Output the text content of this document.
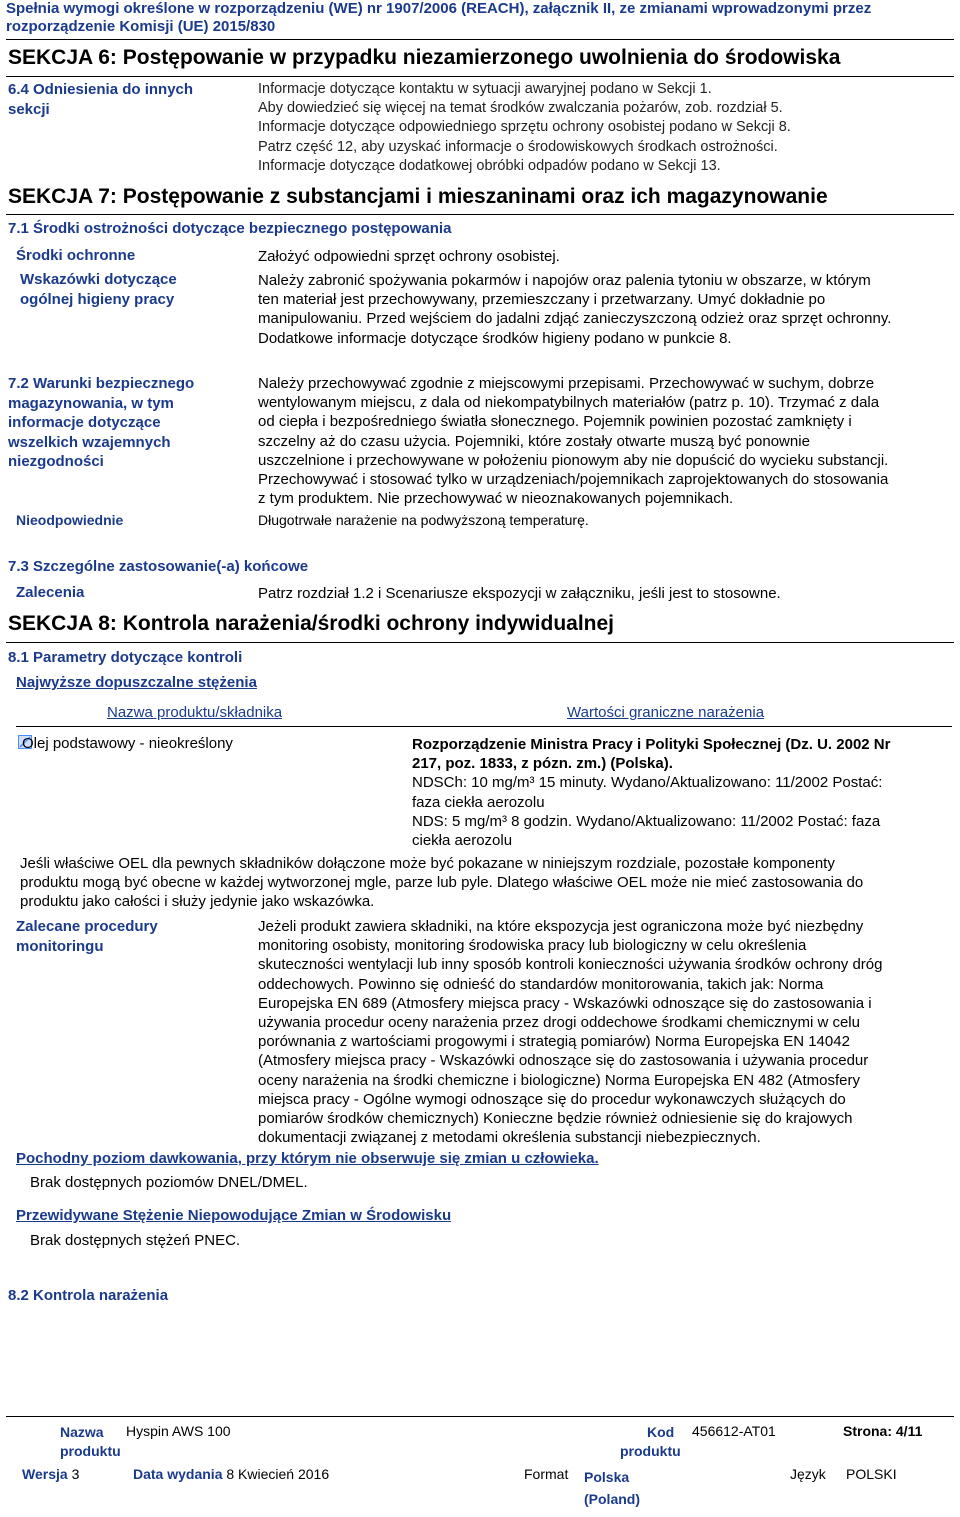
Spełnia wymogi określone w rozporządzeniu (WE) nr 1907/2006 (REACH), załącznik II, ze zmianami wprowadzonymi przez
rozporządzenie Komisji (UE) 2015/830
SEKCJA 6: Postępowanie w przypadku niezamierzonego uwolnienia do środowiska
6.4 Odniesienia do innych
sekcji
Informacje dotyczące kontaktu w sytuacji awaryjnej podano w Sekcji 1.
Aby dowiedzieć się więcej na temat środków zwalczania pożarów, zob. rozdział 5.
Informacje dotyczące odpowiedniego sprzętu ochrony osobistej podano w Sekcji 8.
Patrz część 12, aby uzyskać informacje o środowiskowych środkach ostrożności.
Informacje dotyczące dodatkowej obróbki odpadów podano w Sekcji 13.
SEKCJA 7: Postępowanie z substancjami i mieszaninami oraz ich magazynowanie
7.1 Środki ostrożności dotyczące bezpiecznego postępowania
Środki ochronne	Założyć odpowiedni sprzęt ochrony osobistej.
Wskazówki dotyczące
ogólnej higieny pracy
Należy zabronić spożywania pokarmów i napojów oraz palenia tytoniu w obszarze, w którym
ten materiał jest przechowywany, przemieszczany i przetwarzany. Umyć dokładnie po
manipulowaniu. Przed wejściem do jadalni zdjąć zanieczyszczoną odzież oraz sprzęt ochronny.
Dodatkowe informacje dotyczące środków higieny podano w punkcie 8.
7.2 Warunki bezpiecznego
magazynowania, w tym
informacje dotyczące
wszelkich wzajemnych
niezgodności
Należy przechowywać zgodnie z miejscowymi przepisami. Przechowywać w suchym, dobrze
wentylowanym miejscu, z dala od niekompatybilnych materiałów (patrz p. 10). Trzymać z dala
od ciepła i bezpośredniego światła słonecznego. Pojemnik powinien pozostać zamknięty i
szczelny aż do czasu użycia. Pojemniki, które zostały otwarte muszą być ponownie
uszczelnione i przechowywane w położeniu pionowym aby nie dopuścić do wycieku substancji.
Przechowywać i stosować tylko w urządzeniach/pojemnikach zaprojektowanych do stosowania
z tym produktem. Nie przechowywać w nieoznakowanych pojemnikach.
Nieodpowiednie	Długotrwałe narażenie na podwyższoną temperaturę.
7.3 Szczególne zastosowanie(-a) końcowe
Zalecenia	Patrz rozdział 1.2 i Scenariusze ekspozycji w załączniku, jeśli jest to stosowne.
SEKCJA 8: Kontrola narażenia/środki ochrony indywidualnej
8.1 Parametry dotyczące kontroli
Najwyższe dopuszczalne stężenia
Nazwa produktu/składnika	Wartości graniczne narażenia
Olej podstawowy - nieokreślony	Rozporządzenie Ministra Pracy i Polityki Społecznej (Dz. U. 2002 Nr
217, poz. 1833, z pózn. zm.) (Polska).
NDSCh: 10 mg/m³ 15 minuty. Wydano/Aktualizowano: 11/2002 Postać:
faza ciekła aerozolu
NDS: 5 mg/m³ 8 godzin. Wydano/Aktualizowano: 11/2002 Postać: faza
ciekła aerozolu
Jeśli właściwe OEL dla pewnych składników dołączone może być pokazane w niniejszym rozdziale, pozostałe komponenty
produktu mogą być obecne w każdej wytworzonej mgle, parze lub pyle. Dlatego właściwe OEL może nie mieć zastosowania do
produktu jako całości i służy jedynie jako wskazówka.
Zalecane procedury
monitoringu
Jeżeli produkt zawiera składniki, na które ekspozycja jest ograniczona może być niezbędny
monitoring osobisty, monitoring środowiska pracy lub biologiczny w celu określenia
skuteczności wentylacji lub inny sposób kontroli konieczności używania środków ochrony dróg
oddechowych. Powinno się odnieść do standardów monitorowania, takich jak: Norma
Europejska EN 689 (Atmosfery miejsca pracy - Wskazówki odnoszące się do zastosowania i
używania procedur oceny narażenia przez drogi oddechowe środkami chemicznymi w celu
porównania z wartościami progowymi i strategią pomiarów) Norma Europejska EN 14042
(Atmosfery miejsca pracy - Wskazówki odnoszące się do zastosowania i używania procedur
oceny narażenia na środki chemiczne i biologiczne) Norma Europejska EN 482 (Atmosfery
miejsca pracy - Ogólne wymogi odnoszące się do procedur wykonawczych służących do
pomiarów środków chemicznych) Konieczne będzie również odniesienie się do krajowych
dokumentacji związanej z metodami określenia substancji niebezpiecznych.
Pochodny poziom dawkowania, przy którym nie obserwuje się zmian u człowieka.
Brak dostępnych poziomów DNEL/DMEL.
Przewidywane Stężenie Niepowodujące Zmian w Środowisku
Brak dostępnych stężeń PNEC.
8.2 Kontrola narażenia
Nazwa
produktu
Hyspin AWS 100	Kod
produktu
456612-AT01	Strona: 4/11
Wersja 3	Data wydania 8 Kwiecień 2016	Format Polska
(Poland)
Język POLSKI
